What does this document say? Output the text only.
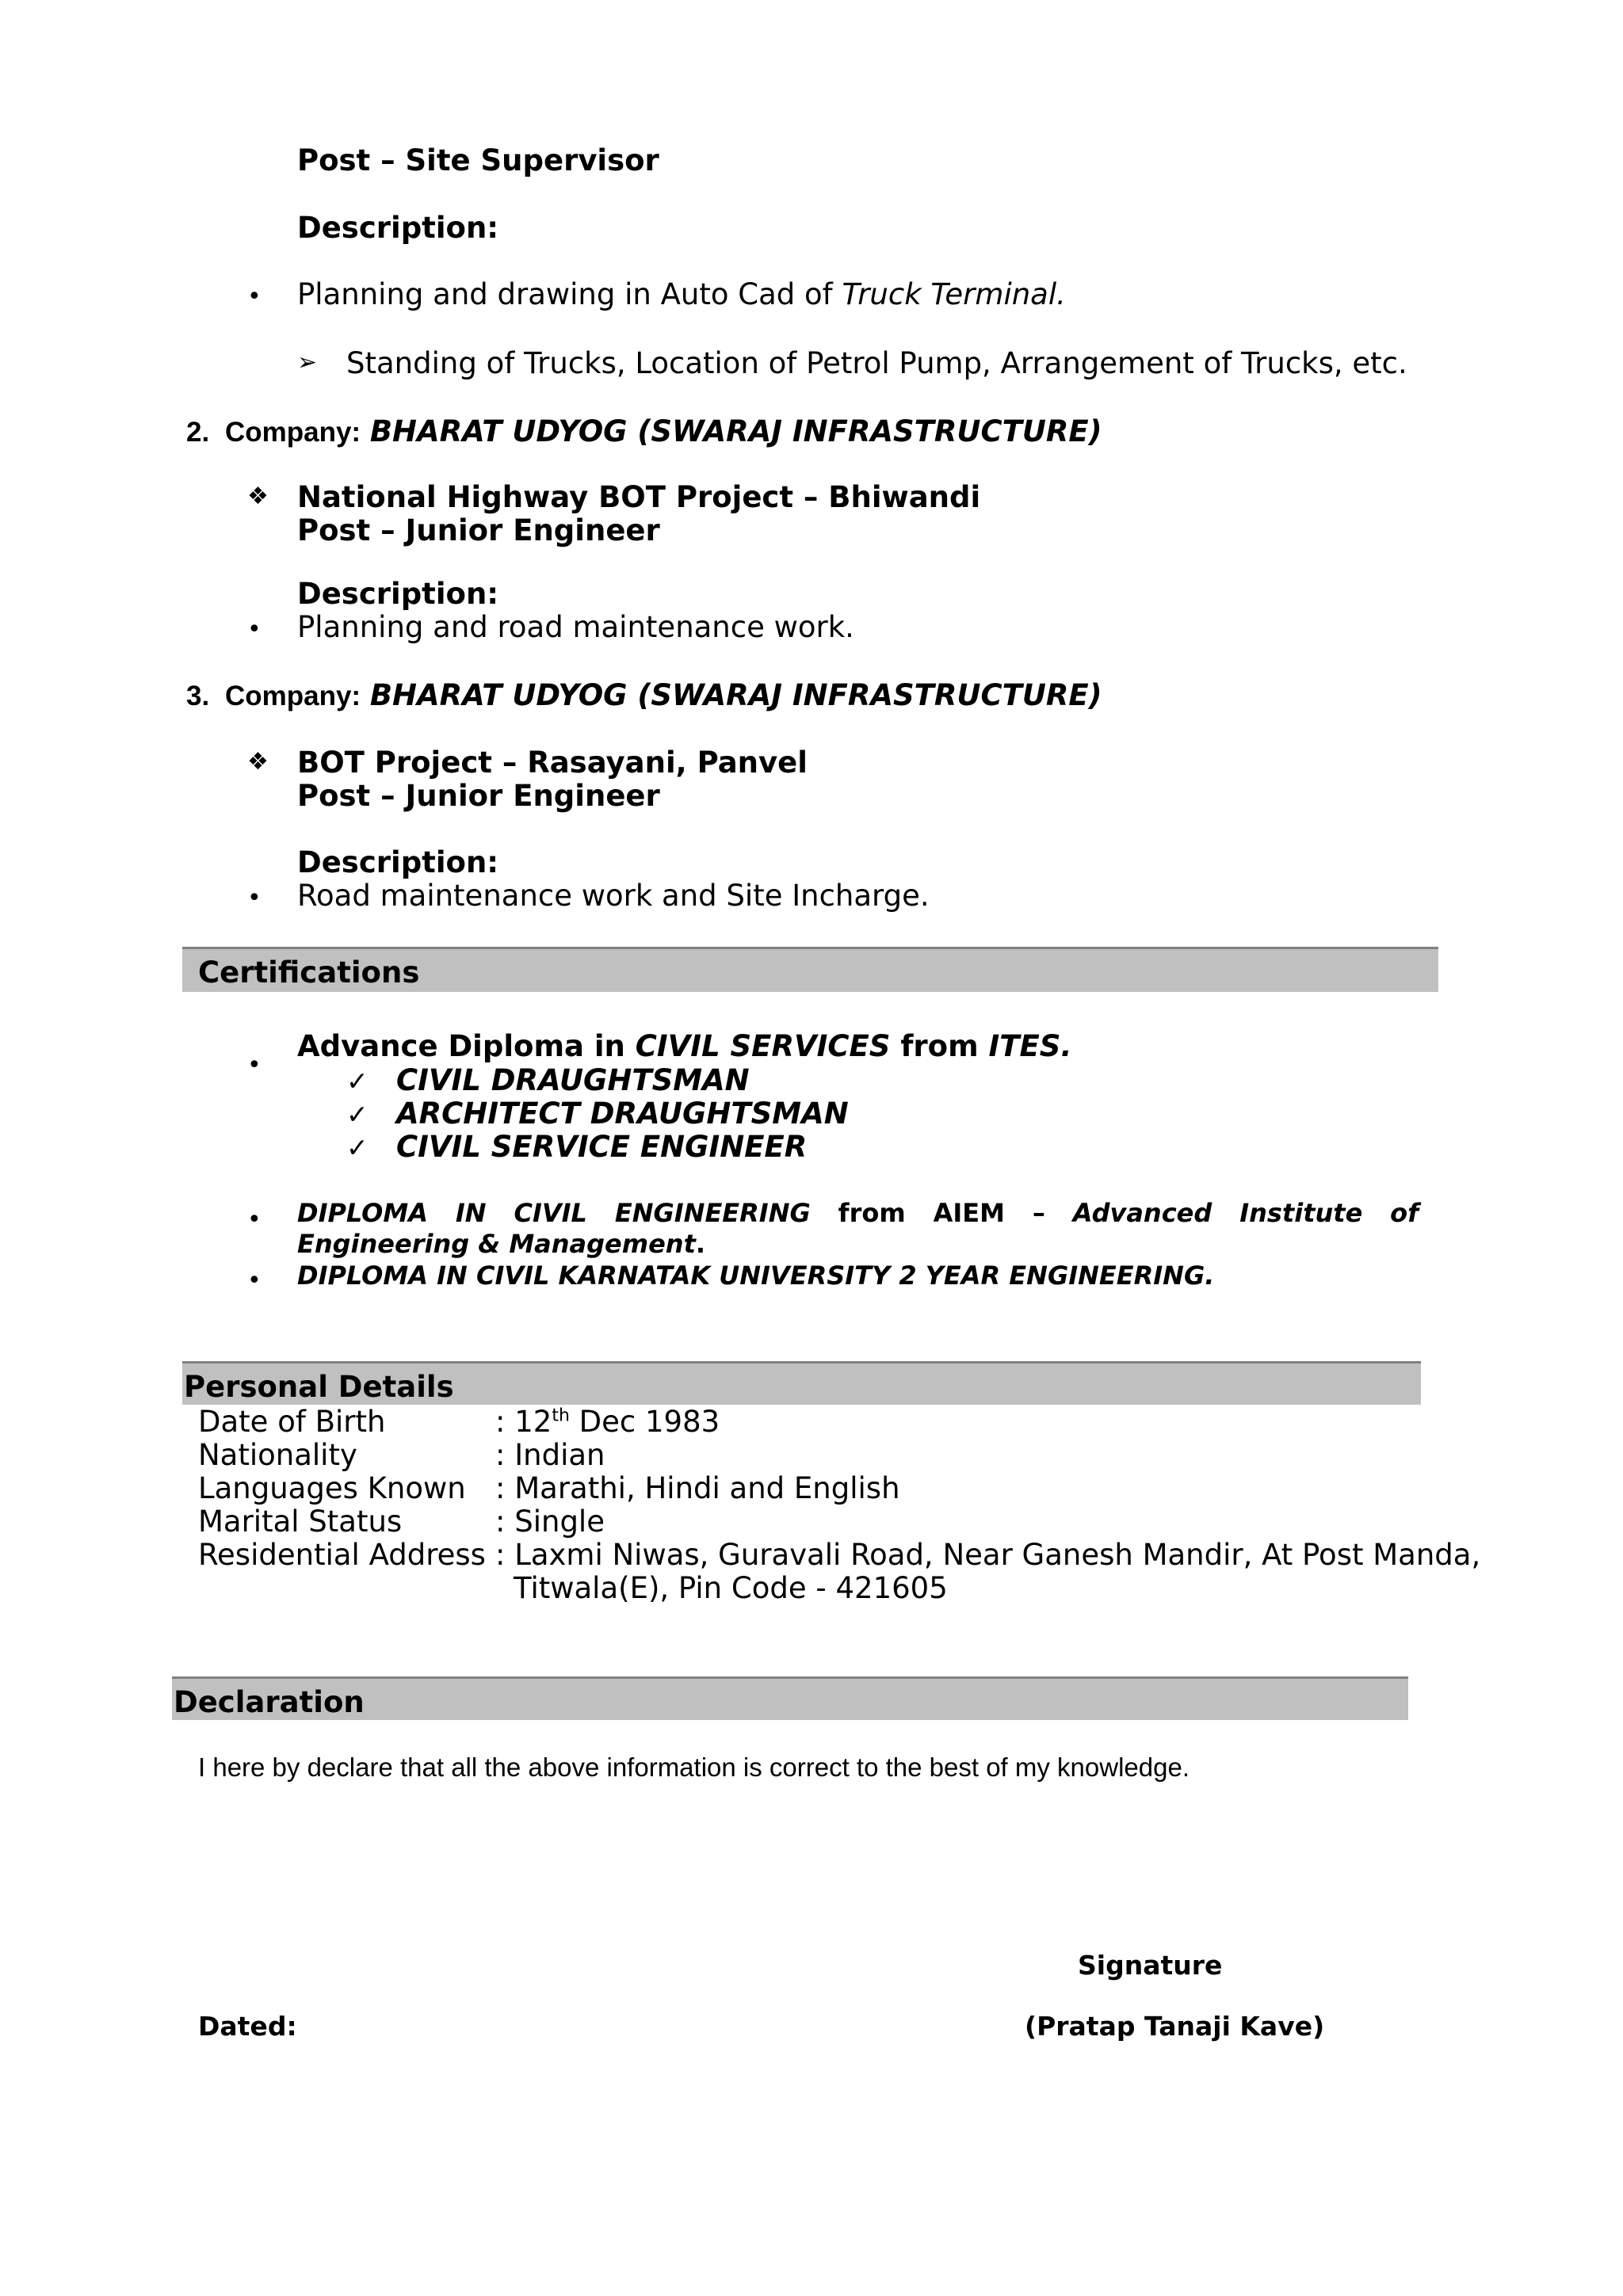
Post – Site Supervisor
Description:
• Planning and drawing in Auto Cad of Truck Terminal.
➢ Standing of Trucks, Location of Petrol Pump, Arrangement of Trucks, etc.
2. Company: BHARAT UDYOG (SWARAJ INFRASTRUCTURE)
❖ National Highway BOT Project – Bhiwandi
Post – Junior Engineer
Description:
• Planning and road maintenance work.
3. Company: BHARAT UDYOG (SWARAJ INFRASTRUCTURE)
❖ BOT Project – Rasayani, Panvel
Post – Junior Engineer
Description:
• Road maintenance work and Site Incharge.
Certifications
•
Advance Diploma in CIVIL SERVICES from ITES.
✓ CIVIL DRAUGHTSMAN
✓ ARCHITECT DRAUGHTSMAN
✓ CIVIL SERVICE ENGINEER
• DIPLOMA IN CIVIL ENGINEERING from AIEM – Advanced Institute of
Engineering & Management.
• DIPLOMA IN CIVIL KARNATAK UNIVERSITY 2 YEAR ENGINEERING.
Personal Details
Date of Birth	: 12th Dec 1983
Nationality	: Indian
Languages Known : Marathi, Hindi and English
Marital Status	: Single
Residential Address : Laxmi Niwas, Guravali Road, Near Ganesh Mandir, At Post Manda,
Titwala(E), Pin Code - 421605
Declaration
I here by declare that all the above information is correct to the best of my knowledge.
Signature
Dated:	(Pratap Tanaji Kave)
